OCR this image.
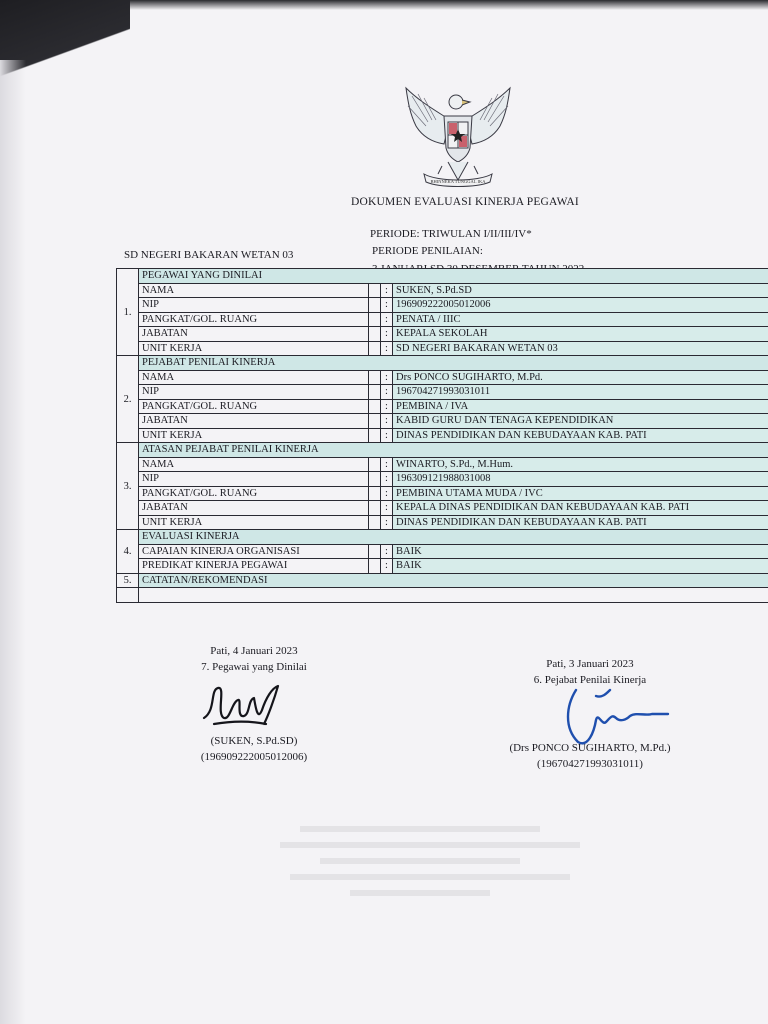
BHINNEKA TUNGGAL IKA
DOKUMEN EVALUASI KINERJA PEGAWAI
PERIODE: TRIWULAN I/II/III/IV*
PERIODE PENILAIAN:
SD NEGERI BAKARAN WETAN 03
1.	PEGAWAI YANG DINILAI			
	NAMA		:	SUKEN, S.Pd.SD
	NIP		:	196909222005012006
	PANGKAT/GOL. RUANG		:	PENATA / IIIC
	JABATAN		:	KEPALA SEKOLAH
	UNIT KERJA		:	SD NEGERI BAKARAN WETAN 03
2.	PEJABAT PENILAI KINERJA			
	NAMA		:	Drs PONCO SUGIHARTO, M.Pd.
	NIP		:	196704271993031011
	PANGKAT/GOL. RUANG		:	PEMBINA / IVA
	JABATAN		:	KABID GURU DAN TENAGA KEPENDIDIKAN
	UNIT KERJA		:	DINAS PENDIDIKAN DAN KEBUDAYAAN KAB. PATI
3.	ATASAN PEJABAT PENILAI KINERJA			
	NAMA		:	WINARTO, S.Pd., M.Hum.
	NIP		:	196309121988031008
	PANGKAT/GOL. RUANG		:	PEMBINA UTAMA MUDA / IVC
	JABATAN		:	KEPALA DINAS PENDIDIKAN DAN KEBUDAYAAN KAB. PATI
	UNIT KERJA		:	DINAS PENDIDIKAN DAN KEBUDAYAAN KAB. PATI
4.	EVALUASI KINERJA			
	CAPAIAN KINERJA ORGANISASI		:	BAIK
	PREDIKAT KINERJA PEGAWAI		:	BAIK
5.	CATATAN/REKOMENDASI			

Pati, 4 Januari 2023
7. Pegawai yang Dinilai
(SUKEN, S.Pd.SD)
(196909222005012006)
Pati, 3 Januari 2023
6. Pejabat Penilai Kinerja
(Drs PONCO SUGIHARTO, M.Pd.)
(196704271993031011)
